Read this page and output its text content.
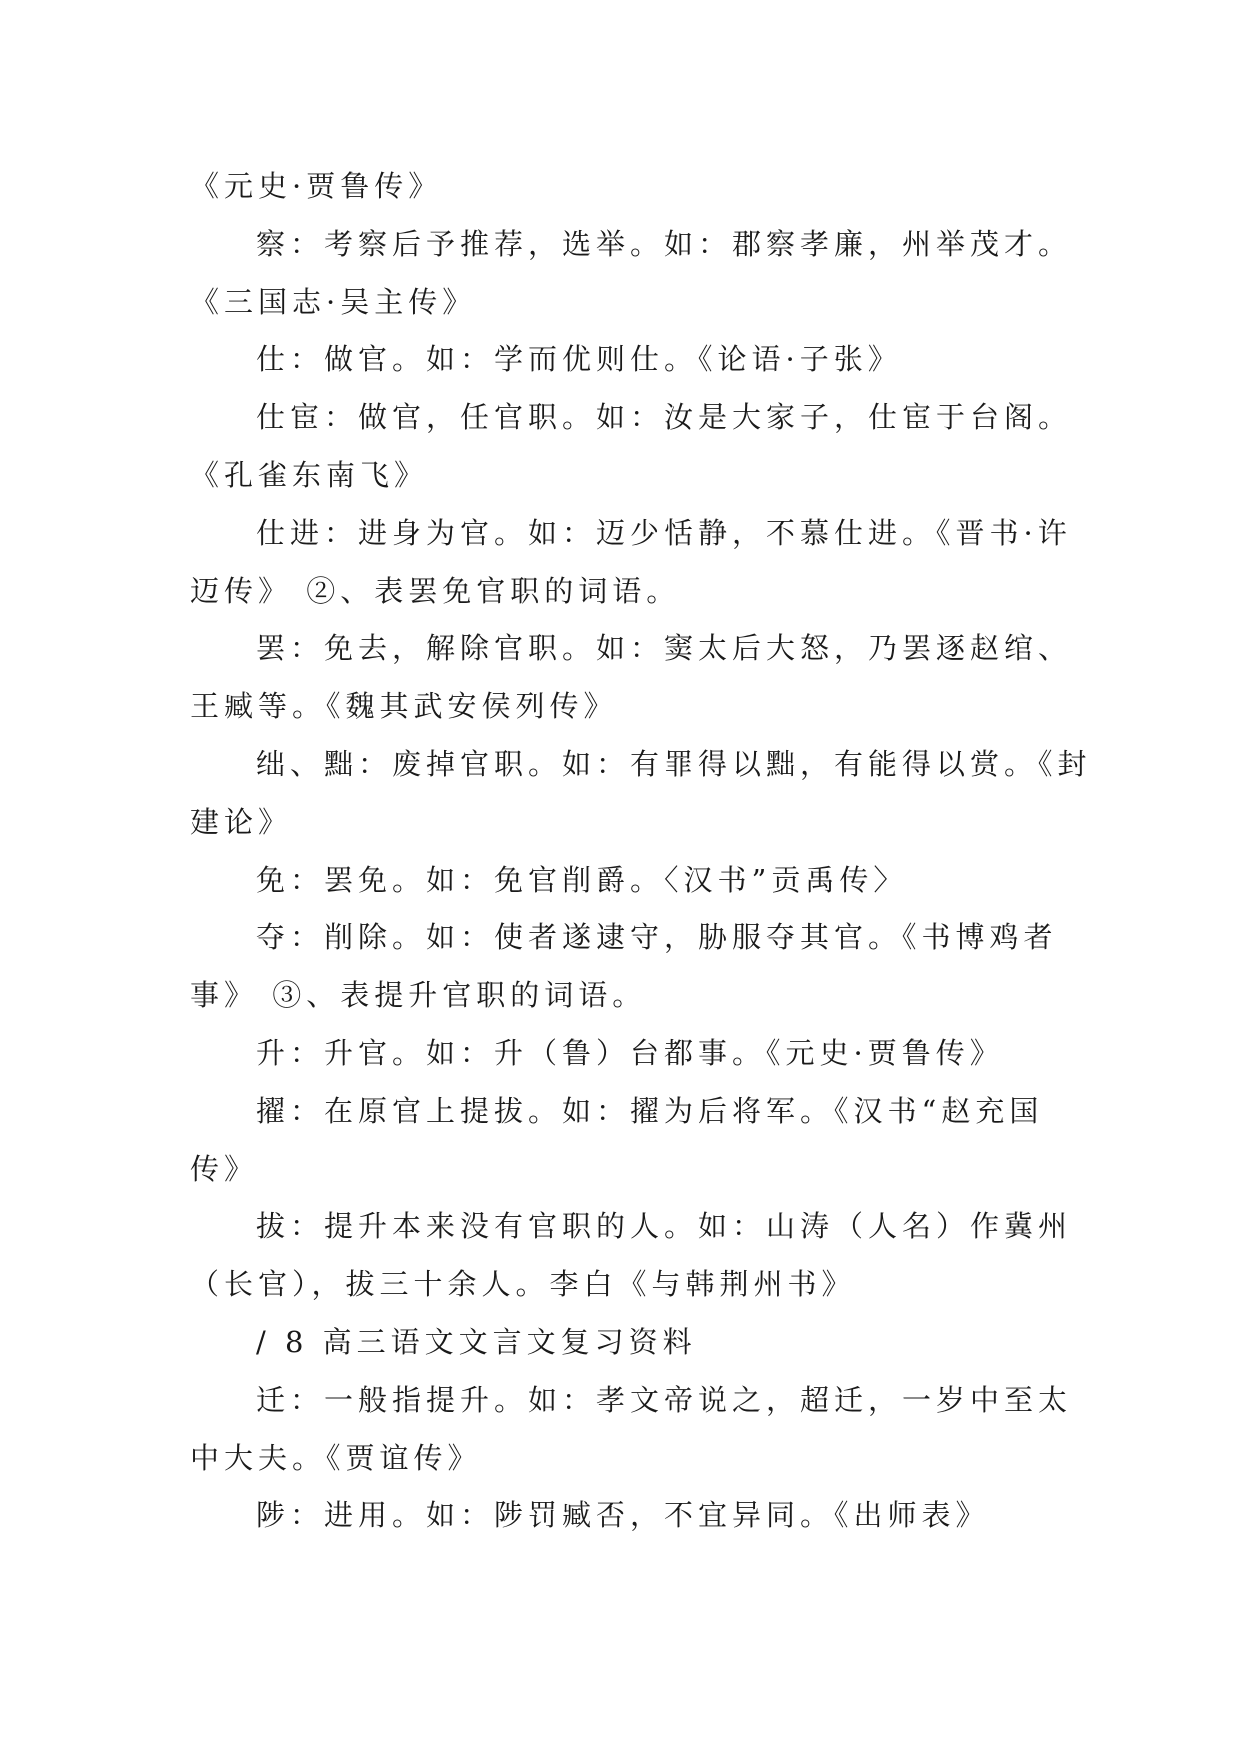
《元史·贾鲁传》
察：考察后予推荐，选举。如：郡察孝廉，州举茂才。
《三国志·吴主传》
仕：做官。如：学而优则仕。《论语·子张》
仕宦：做官，任官职。如：汝是大家子，仕宦于台阁。
《孔雀东南飞》
仕进：进身为官。如：迈少恬静，不慕仕进。《晋书·许
迈传》 ②、表罢免官职的词语。
罢：免去，解除官职。如：窦太后大怒，乃罢逐赵绾、
王臧等。《魏其武安侯列传》
绌、黜：废掉官职。如：有罪得以黜，有能得以赏。《封
建论》
免：罢免。如：免官削爵。〈汉书”贡禹传〉
夺：削除。如：使者遂逮守，胁服夺其官。《书博鸡者
事》 ③、表提升官职的词语。
升：升官。如：升（鲁）台都事。《元史·贾鲁传》
擢：在原官上提拔。如：擢为后将军。《汉书“赵充国
传》
拔：提升本来没有官职的人。如：山涛（人名）作冀州
（长官），拔三十余人。李白《与韩荆州书》
/ 8 高三语文文言文复习资料
迁：一般指提升。如：孝文帝说之，超迁，一岁中至太
中大夫。《贾谊传》
陟：进用。如：陟罚臧否，不宜异同。《出师表》
